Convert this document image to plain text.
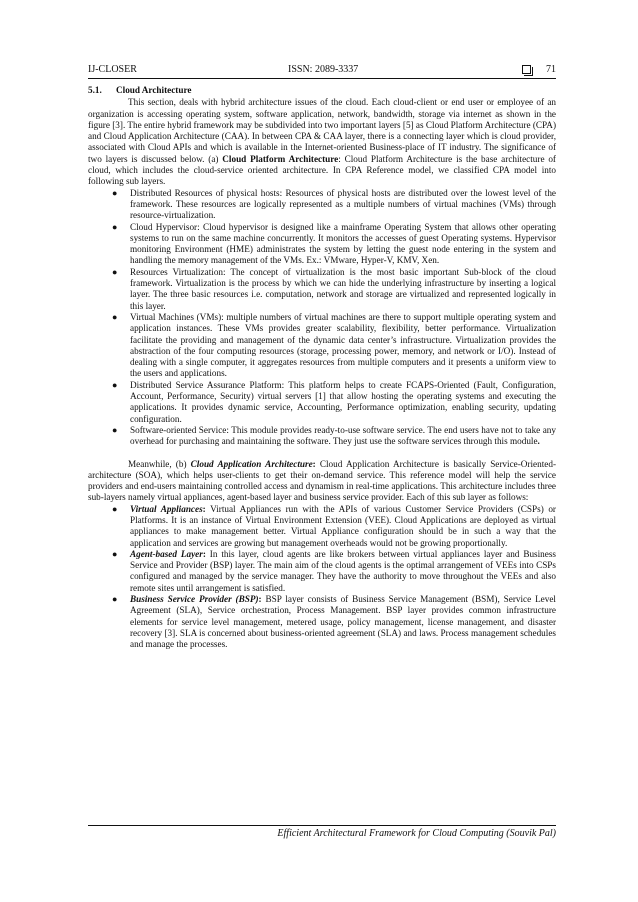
IJ-CLOSER	ISSN: 2089-3337	71
5.1. Cloud Architecture

This section, deals with hybrid architecture issues of the cloud. Each cloud-client or end user or employee of an organization is accessing operating system, software application, network, bandwidth, storage via internet as shown in the figure [3]. The entire hybrid framework may be subdivided into two important layers [5] as Cloud Platform Architecture (CPA) and Cloud Application Architecture (CAA). In between CPA & CAA layer, there is a connecting layer which is cloud provider, associated with Cloud APIs and which is available in the Internet-oriented Business-place of IT industry. The significance of two layers is discussed below. (a) Cloud Platform Architecture: Cloud Platform Architecture is the base architecture of cloud, which includes the cloud-service oriented architecture. In CPA Reference model, we classified CPA model into following sub layers.

● Distributed Resources of physical hosts: Resources of physical hosts are distributed over the lowest level of the framework. These resources are logically represented as a multiple numbers of virtual machines (VMs) through resource-virtualization.
● Cloud Hypervisor: Cloud hypervisor is designed like a mainframe Operating System that allows other operating systems to run on the same machine concurrently. It monitors the accesses of guest Operating systems. Hypervisor monitoring Environment (HME) administrates the system by letting the guest node entering in the system and handling the memory management of the VMs. Ex.: VMware, Hyper-V, KMV, Xen.
● Resources Virtualization: The concept of virtualization is the most basic important Sub-block of the cloud framework. Virtualization is the process by which we can hide the underlying infrastructure by inserting a logical layer. The three basic resources i.e. computation, network and storage are virtualized and represented logically in this layer.
● Virtual Machines (VMs): multiple numbers of virtual machines are there to support multiple operating system and application instances. These VMs provides greater scalability, flexibility, better performance. Virtualization facilitate the providing and management of the dynamic data center’s infrastructure. Virtualization provides the abstraction of the four computing resources (storage, processing power, memory, and network or I/O). Instead of dealing with a single computer, it aggregates resources from multiple computers and it presents a uniform view to the users and applications.
● Distributed Service Assurance Platform: This platform helps to create FCAPS-Oriented (Fault, Configuration, Account, Performance, Security) virtual servers [1] that allow hosting the operating systems and executing the applications. It provides dynamic service, Accounting, Performance optimization, enabling security, updating configuration.
● Software-oriented Service: This module provides ready-to-use software service. The end users have not to take any overhead for purchasing and maintaining the software. They just use the software services through this module.

Meanwhile, (b) Cloud Application Architecture: Cloud Application Architecture is basically Service-Oriented-architecture (SOA), which helps user-clients to get their on-demand service. This reference model will help the service providers and end-users maintaining controlled access and dynamism in real-time applications. This architecture includes three sub-layers namely virtual appliances, agent-based layer and business service provider. Each of this sub layer as follows:

● Virtual Appliances: Virtual Appliances run with the APIs of various Customer Service Providers (CSPs) or Platforms. It is an instance of Virtual Environment Extension (VEE). Cloud Applications are deployed as virtual appliances to make management better. Virtual Appliance configuration should be in such a way that the application and services are growing but management overheads would not be growing proportionally.
● Agent-based Layer: In this layer, cloud agents are like brokers between virtual appliances layer and Business Service and Provider (BSP) layer. The main aim of the cloud agents is the optimal arrangement of VEEs into CSPs configured and managed by the service manager. They have the authority to move throughout the VEEs and also remote sites until arrangement is satisfied.
● Business Service Provider (BSP): BSP layer consists of Business Service Management (BSM), Service Level Agreement (SLA), Service orchestration, Process Management. BSP layer provides common infrastructure elements for service level management, metered usage, policy management, license management, and disaster recovery [3]. SLA is concerned about business-oriented agreement (SLA) and laws. Process management schedules and manage the processes.
Efficient Architectural Framework for Cloud Computing (Souvik Pal)
